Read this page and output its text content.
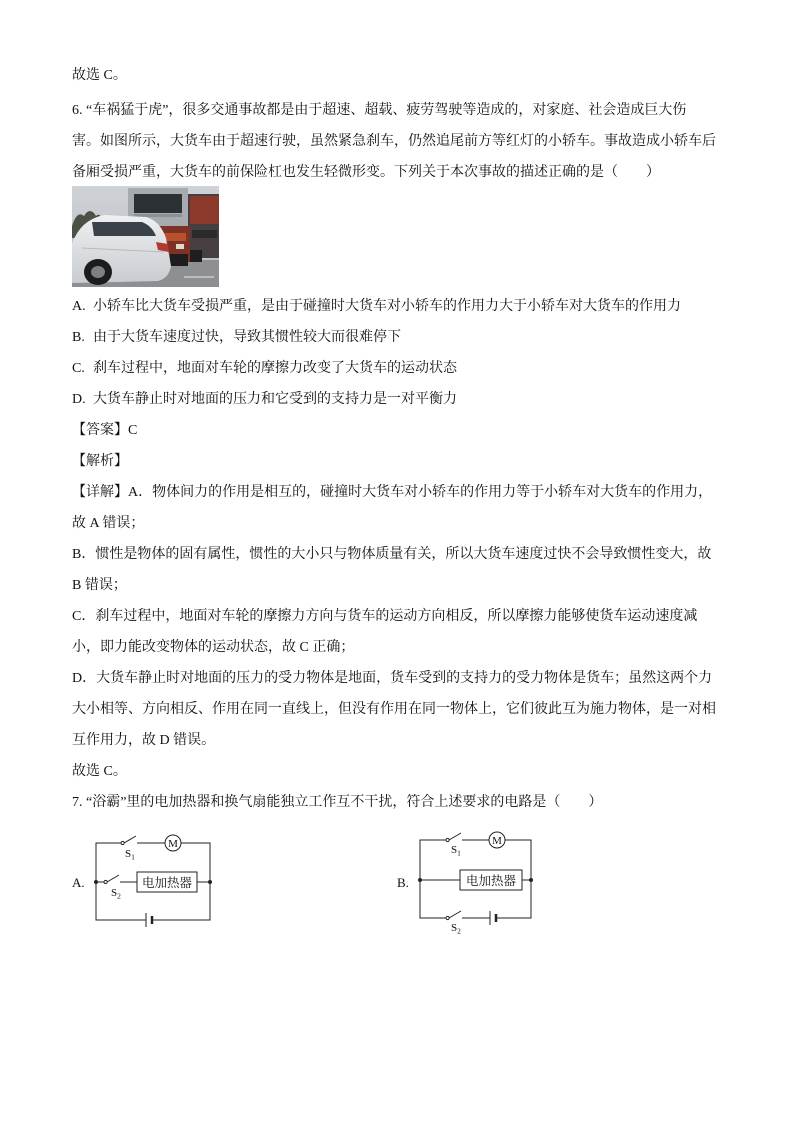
故选 C。
6. “车祸猛于虎”，很多交通事故都是由于超速、超载、疲劳驾驶等造成的，对家庭、社会造成巨大伤
害。如图所示，大货车由于超速行驶，虽然紧急刹车，仍然追尾前方等红灯的小轿车。事故造成小轿车后
备厢受损严重，大货车的前保险杠也发生轻微形变。下列关于本次事故的描述正确的是（　　）
A. 小轿车比大货车受损严重，是由于碰撞时大货车对小轿车的作用力大于小轿车对大货车的作用力
B. 由于大货车速度过快，导致其惯性较大而很难停下
C. 刹车过程中，地面对车轮的摩擦力改变了大货车的运动状态
D. 大货车静止时对地面的压力和它受到的支持力是一对平衡力
【答案】C
【解析】
【详解】A．物体间力的作用是相互的，碰撞时大货车对小轿车的作用力等于小轿车对大货车的作用力，
故 A 错误；
B．惯性是物体的固有属性，惯性的大小只与物体质量有关，所以大货车速度过快不会导致惯性变大，故
B 错误；
C．刹车过程中，地面对车轮的摩擦力方向与货车的运动方向相反，所以摩擦力能够使货车运动速度减
小，即力能改变物体的运动状态，故 C 正确；
D．大货车静止时对地面的压力的受力物体是地面，货车受到的支持力的受力物体是货车；虽然这两个力
大小相等、方向相反、作用在同一直线上，但没有作用在同一物体上，它们彼此互为施力物体，是一对相
互作用力，故 D 错误。
故选 C。
7. “浴霸”里的电加热器和换气扇能独立工作互不干扰，符合上述要求的电路是（　　）
A.
$S_1$
M
$S_2$
电加热器	B.
$S_1$
M
电加热器
$S_2$
